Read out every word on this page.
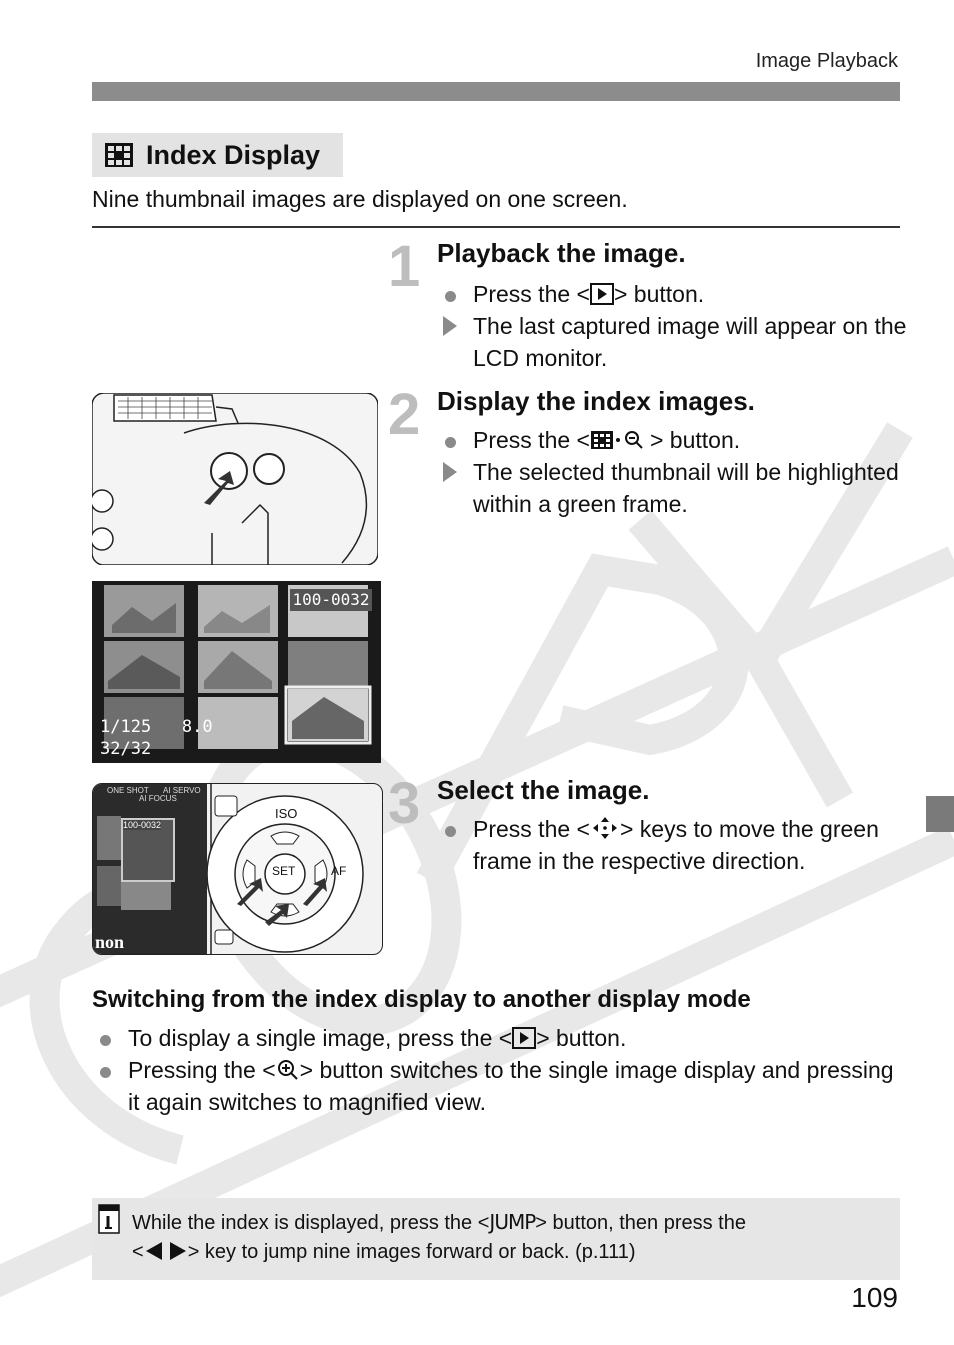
Image Playback
Index Display
Nine thumbnail images are displayed on one screen.
1 Playback the image.
Press the < > button.
The last captured image will appear on the LCD monitor.
2 Display the index images.
Press the <	> button.
The selected thumbnail will be highlighted within a green frame.
3 Select the image.
Press the < > keys to move the green frame in the respective direction.
100-0032
1/125   8.0
32/32
ONE SHOT AI SERVO
AI FOCUS
100-0032
non
ISO
SET	AF
Switching from the index display to another display mode
To display a single image, press the < > button.
Pressing the < > button switches to the single image display and pressing it again switches to magnified view.
While the index is displayed, press the <JUMP> button, then press the
< > key to jump nine images forward or back. (p.111)
109
